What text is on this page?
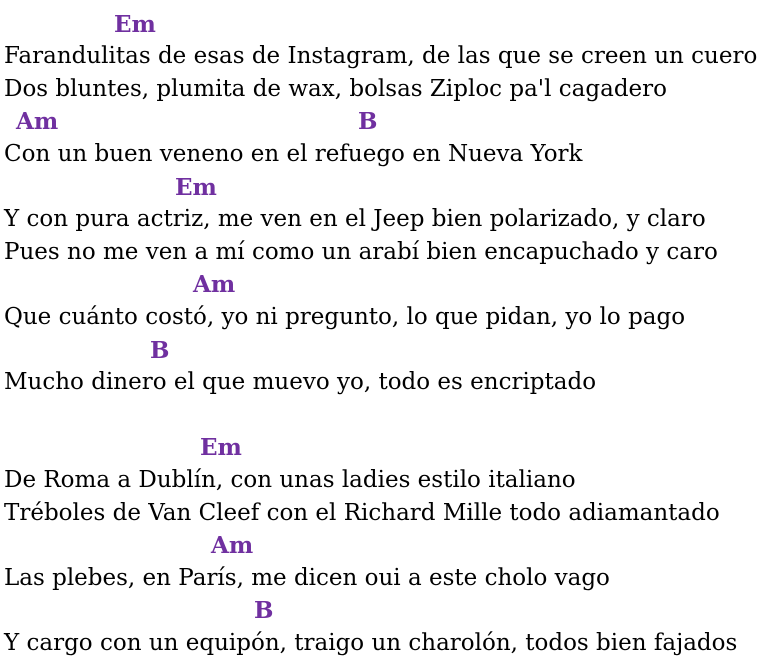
Em
Farandulitas de esas de Instagram, de las que se creen un cuero
Dos bluntes, plumita de wax, bolsas Ziploc pa'l cagadero
Am	B
Con un buen veneno en el refuego en Nueva York
Em
Y con pura actriz, me ven en el Jeep bien polarizado, y claro
Pues no me ven a mí como un arabí bien encapuchado y caro
Am
Que cuánto costó, yo ni pregunto, lo que pidan, yo lo pago
B
Mucho dinero el que muevo yo, todo es encriptado
Em
De Roma a Dublín, con unas ladies estilo italiano
Tréboles de Van Cleef con el Richard Mille todo adiamantado
Am
Las plebes, en París, me dicen oui a este cholo vago
B
Y cargo con un equipón, traigo un charolón, todos bien fajados
